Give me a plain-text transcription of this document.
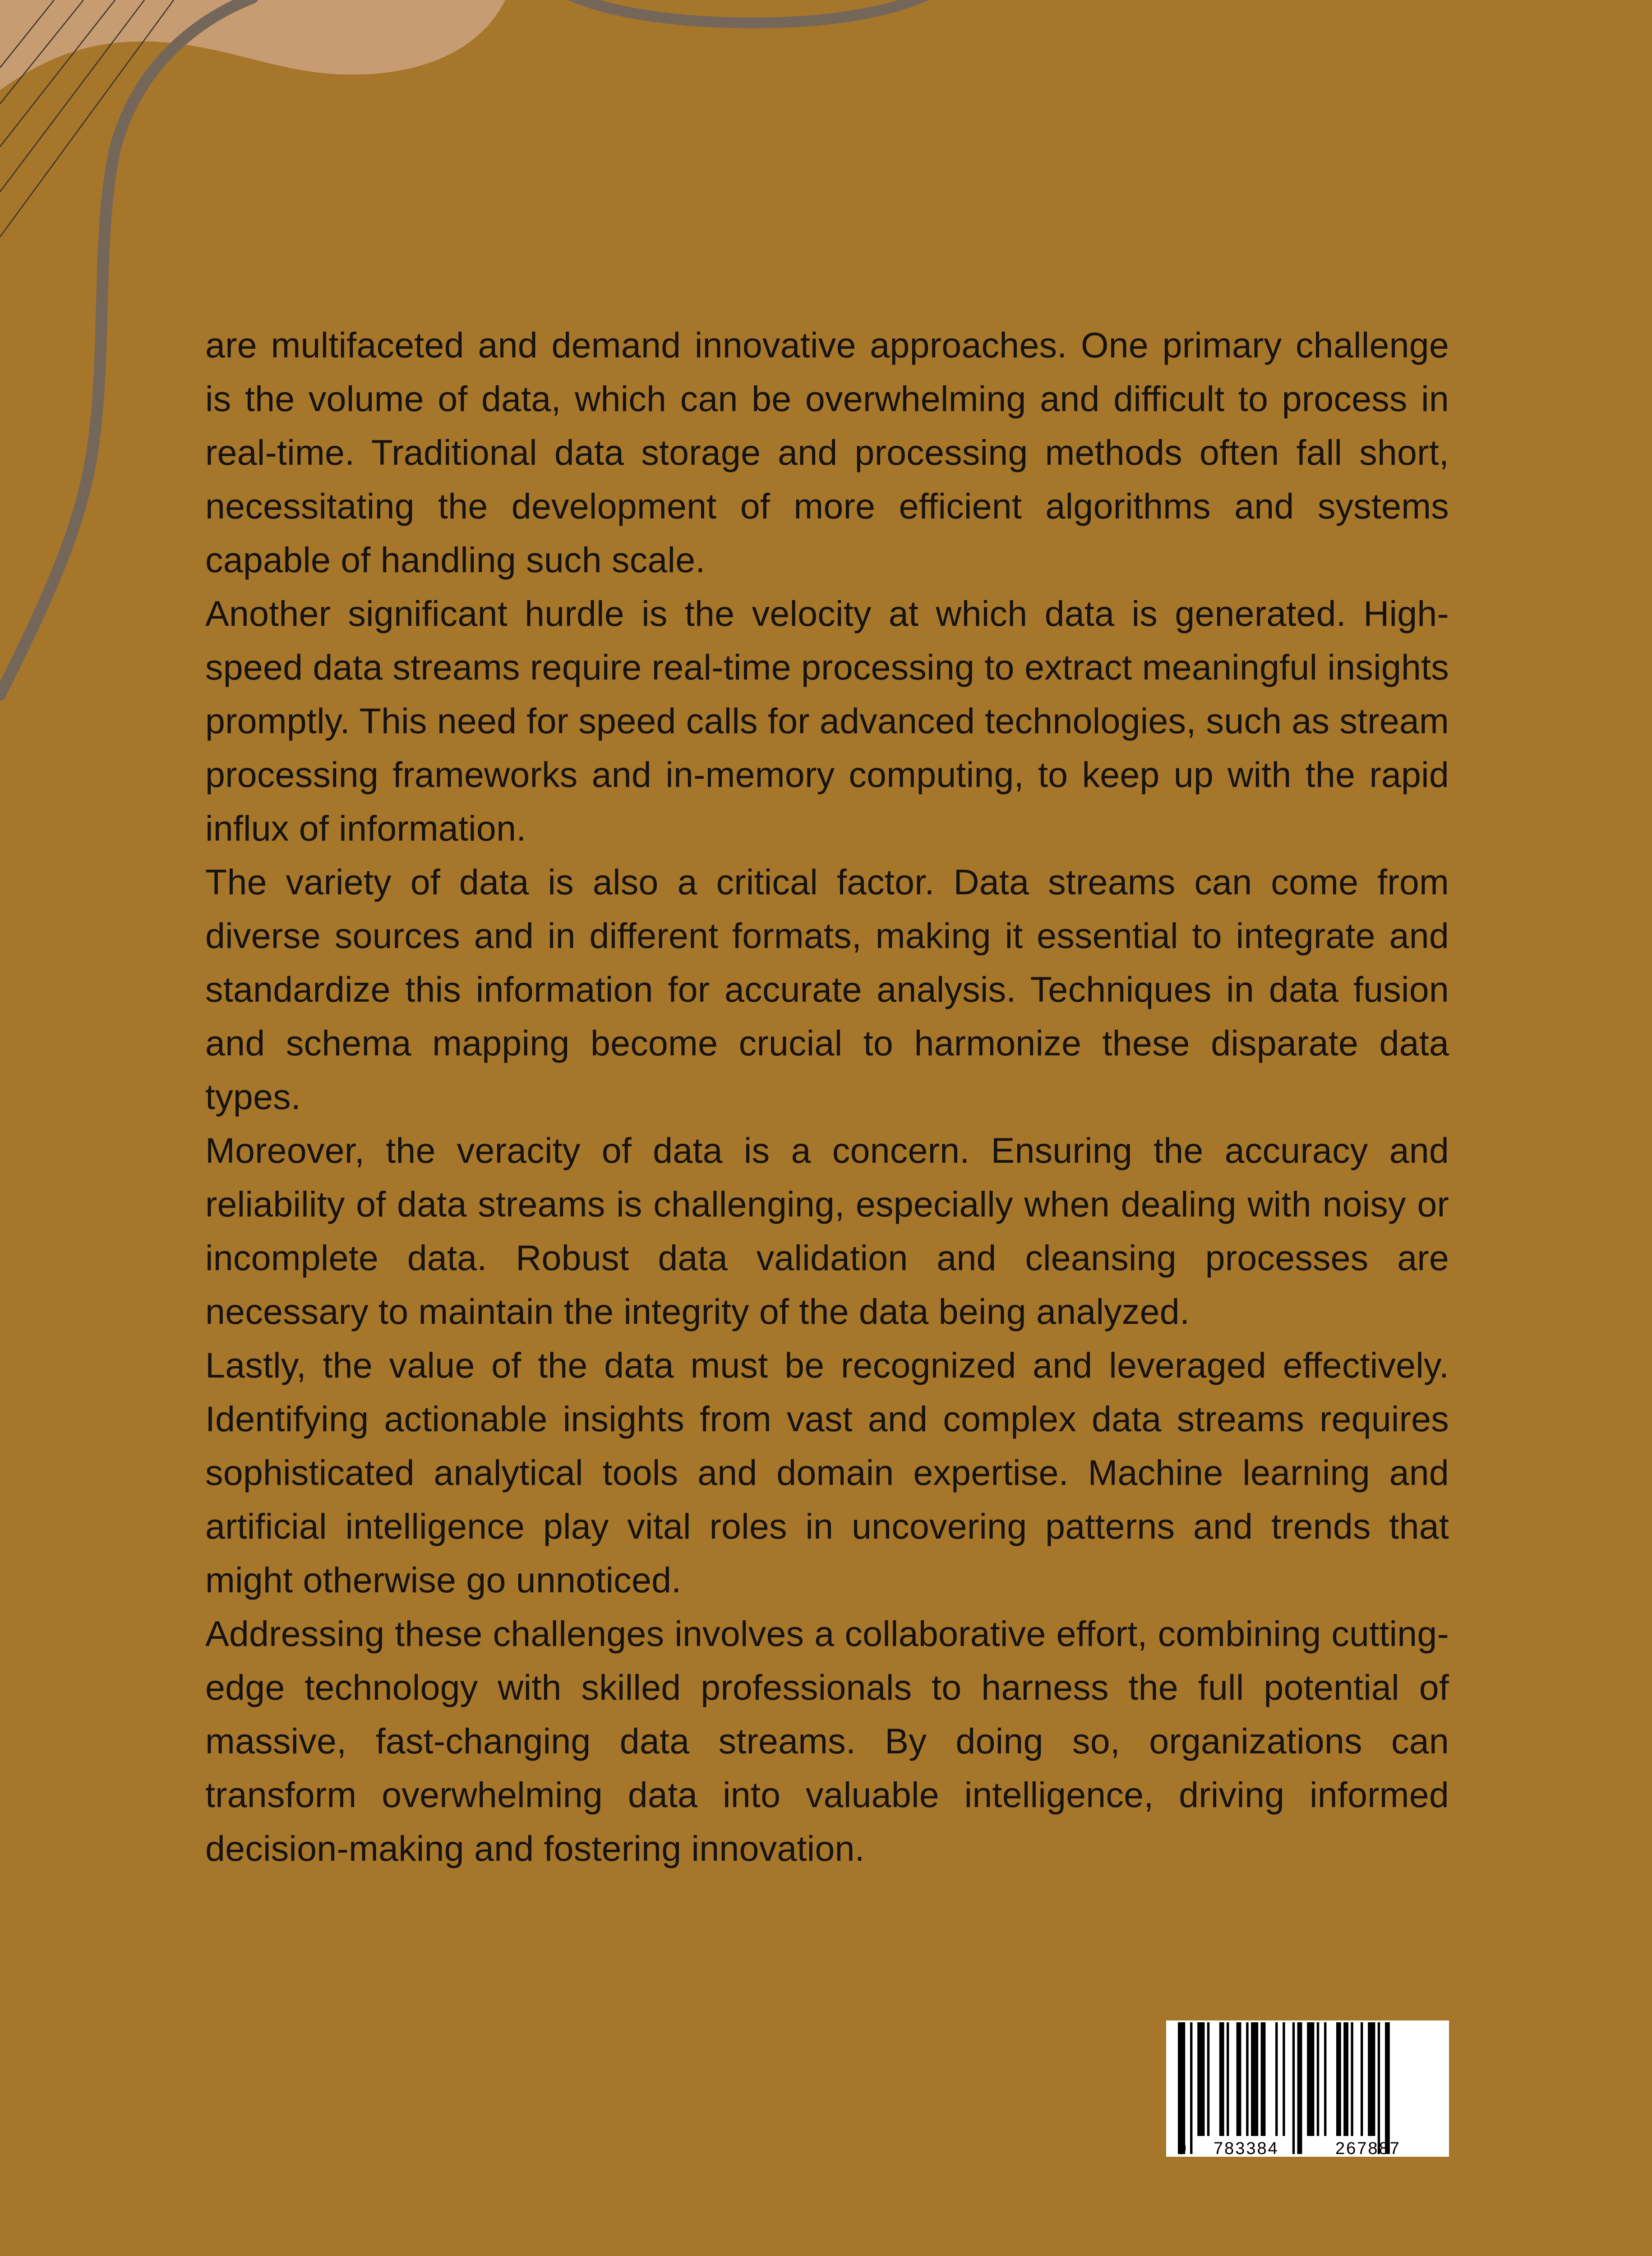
are multifaceted and demand innovative approaches. One primary challenge is the volume of data, which can be overwhelming and difficult to process in real-time. Traditional data storage and processing methods often fall short, necessitating the development of more efficient algorithms and systems capable of handling such scale.

Another significant hurdle is the velocity at which data is generated. High-speed data streams require real-time processing to extract meaningful insights promptly. This need for speed calls for advanced technologies, such as stream processing frameworks and in-memory computing, to keep up with the rapid influx of information.

The variety of data is also a critical factor. Data streams can come from diverse sources and in different formats, making it essential to integrate and standardize this information for accurate analysis. Techniques in data fusion and schema mapping become crucial to harmonize these disparate data types.

Moreover, the veracity of data is a concern. Ensuring the accuracy and reliability of data streams is challenging, especially when dealing with noisy or incomplete data. Robust data validation and cleansing processes are necessary to maintain the integrity of the data being analyzed.

Lastly, the value of the data must be recognized and leveraged effectively. Identifying actionable insights from vast and complex data streams requires sophisticated analytical tools and domain expertise. Machine learning and artificial intelligence play vital roles in uncovering patterns and trends that might otherwise go unnoticed.

Addressing these challenges involves a collaborative effort, combining cutting-edge technology with skilled professionals to harness the full potential of massive, fast-changing data streams. By doing so, organizations can transform overwhelming data into valuable intelligence, driving informed decision-making and fostering innovation.

9 783384	267887
